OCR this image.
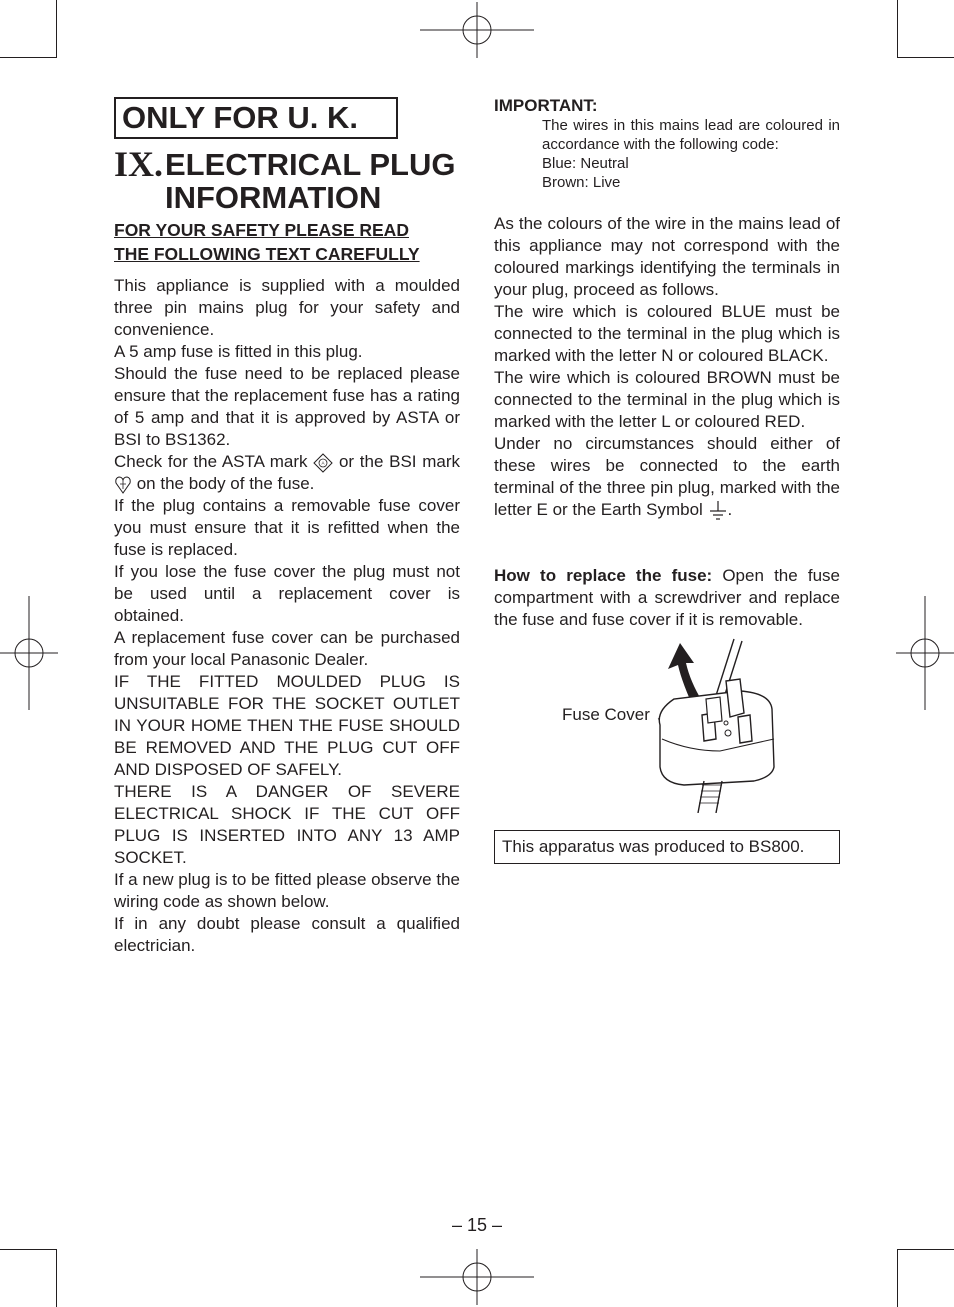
ONLY FOR U. K.
IX. ELECTRICAL PLUG
INFORMATION
FOR YOUR SAFETY PLEASE READ
THE FOLLOWING TEXT CAREFULLY

This appliance is supplied with a moulded three pin mains plug for your safety and convenience.

A 5 amp fuse is fitted in this plug.

Should the fuse need to be replaced please ensure that the replacement fuse has a rating of 5 amp and that it is approved by ASTA or BSI to BS1362.

Check for the ASTA mark A or the BSI mark  on the body of the fuse.

If the plug contains a removable fuse cover you must ensure that it is refitted when the fuse is replaced.

If you lose the fuse cover the plug must not be used until a replacement cover is obtained.

A replacement fuse cover can be purchased from your local Panasonic Dealer.

IF THE FITTED MOULDED PLUG IS UNSUITABLE FOR THE SOCKET OUTLET IN YOUR HOME THEN THE FUSE SHOULD BE REMOVED AND THE PLUG CUT OFF AND DISPOSED OF SAFELY.

THERE IS A DANGER OF SEVERE ELECTRICAL SHOCK IF THE CUT OFF PLUG IS INSERTED INTO ANY 13 AMP SOCKET.

If a new plug is to be fitted please observe the wiring code as shown below.

If in any doubt please consult a qualified electrician.

IMPORTANT:

The wires in this mains lead are coloured in accordance with the following code:

Blue: Neutral

Brown: Live

As the colours of the wire in the mains lead of this appliance may not correspond with the coloured markings identifying the terminals in your plug, proceed as follows.

The wire which is coloured BLUE must be connected to the terminal in the plug which is marked with the letter N or coloured BLACK.

The wire which is coloured BROWN must be connected to the terminal in the plug which is marked with the letter L or coloured RED.

Under no circumstances should either of these wires be connected to the earth terminal of the three pin plug, marked with the letter E or the Earth Symbol .

How to replace the fuse: Open the fuse compartment with a screwdriver and replace the fuse and fuse cover if it is removable.
Fuse Cover
This apparatus was produced to BS800.
– 15 –
